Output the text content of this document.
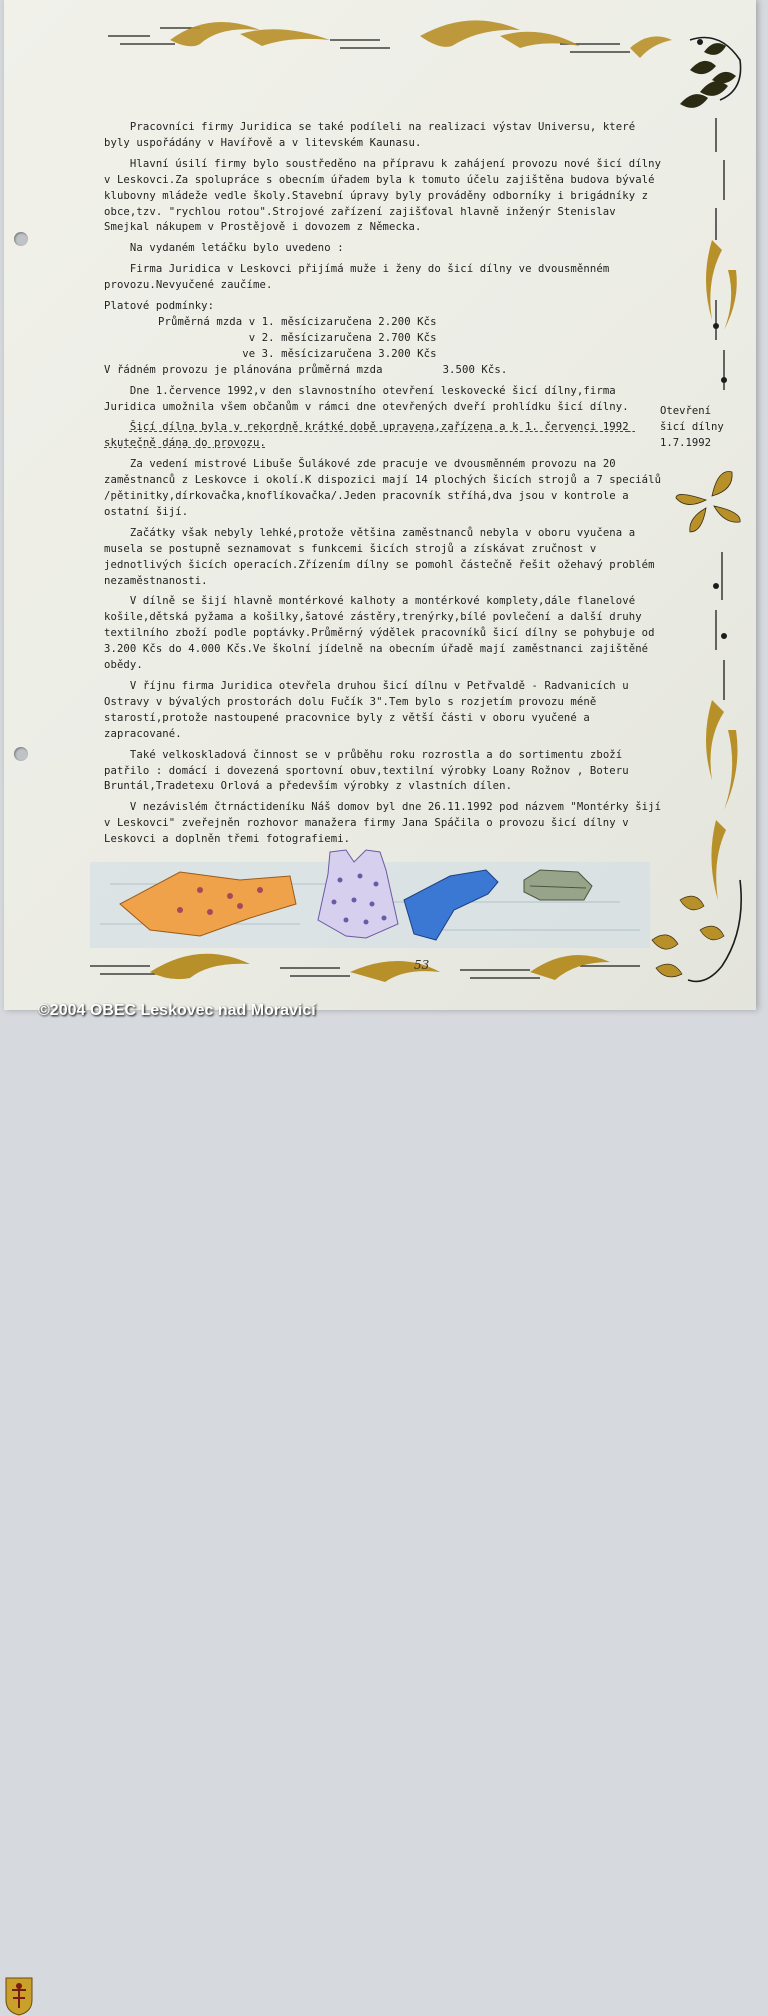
Pracovníci firmy Juridica se také podíleli na realizaci výstav Universu, které byly uspořádány v Havířově a v litevském Kaunasu.

Hlavní úsilí firmy bylo soustředěno na přípravu k zahájení provozu nové šicí dílny v Leskovci.Za spolupráce s obecním úřadem byla k tomuto účelu zajištěna budova bývalé klubovny mládeže vedle školy.Stavební úpravy byly prováděny odborníky i brigádníky z obce,tzv. "rychlou rotou".Strojové zařízení zajišťoval hlavně inženýr Stenislav Smejkal nákupem v Prostějově i dovozem z Německa.

Na vydaném letáčku bylo uvedeno :

Firma Juridica v Leskovci přijímá muže i ženy do šicí dílny ve dvousměnném provozu.Nevyučené zaučíme.

Platové podmínky:
Průměrná mzda v 1. měsíci zaručena 2.200 Kčs
v 2. měsíci zaručena 2.700 Kčs
ve 3. měsíci zaručena 3.200 Kčs
V řádném provozu je plánována průměrná mzda	3.500 Kčs.

Dne 1.července 1992,v den slavnostního otevření leskovecké šicí dílny,firma Juridica umožnila všem občanům v rámci dne otevřených dveří prohlídku šicí dílny.

Šicí dílna byla v rekordně krátké době upravena,zařízena a k 1. červenci 1992 skutečně dána do provozu.

Za vedení mistrové Libuše Šulákové zde pracuje ve dvousměnném provozu na 20 zaměstnanců z Leskovce i okolí.K dispozici mají 14 plochých šicích strojů a 7 speciálů /pětinitky,dírkovačka,knoflíkovačka/.Jeden pracovník stříhá,dva jsou v kontrole a ostatní šijí.

Začátky však nebyly lehké,protože většina zaměstnanců nebyla v oboru vyučena a musela se postupně seznamovat s funkcemi šicích strojů a získávat zručnost v jednotlivých šicích operacích.Zřízením dílny se pomohl částečně řešit ožehavý problém nezaměstnanosti.

V dílně se šijí hlavně montérkové kalhoty a montérkové komplety,dále flanelové košile,dětská pyžama a košilky,šatové zástěry,trenýrky,bílé povlečení a další druhy textilního zboží podle poptávky.Průměrný výdělek pracovníků šicí dílny se pohybuje od 3.200 Kčs do 4.000 Kčs.Ve školní jídelně na obecním úřadě mají zaměstnanci zajištěné obědy.

V říjnu firma Juridica otevřela druhou šicí dílnu v Petřvaldě - Radvanicích u Ostravy v bývalých prostorách dolu Fučík 3".Tem bylo s rozjetím provozu méně starostí,protože nastoupené pracovnice byly z větší části v oboru vyučené a zapracované.

Také velkoskladová činnost se v průběhu roku rozrostla a do sortimentu zboží patřilo : domácí i dovezená sportovní obuv,textilní výrobky Loany Rožnov , Boteru Bruntál,Tradetexu Orlová a především výrobky z vlastních dílen.

V nezávislém čtrnáctideníku Náš domov byl dne 26.11.1992 pod názvem "Montérky šijí v Leskovci" zveřejněn rozhovor manažera firmy Jana Spáčila o provozu šicí dílny v Leskovci a doplněn třemi fotografiemi.

Otevření
šicí dílny
1.7.1992
53
©2004 OBEC Leskovec nad Moravicí
